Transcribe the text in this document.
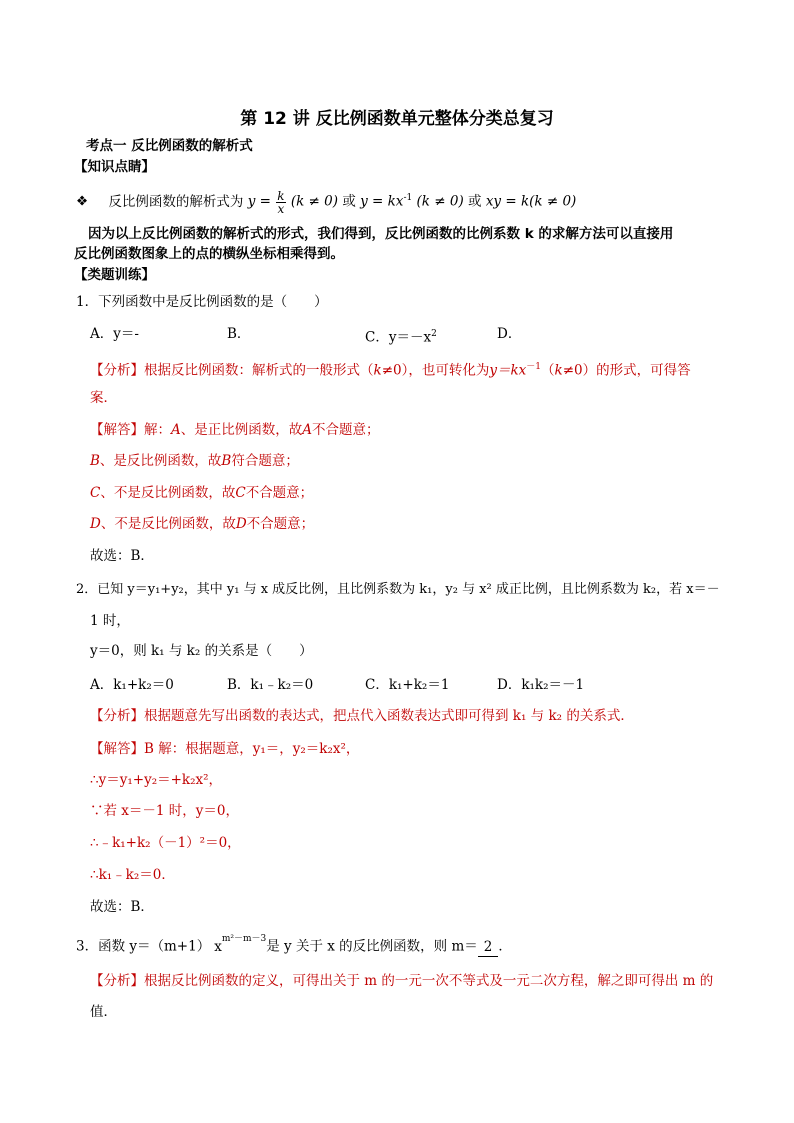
第 12 讲 反比例函数单元整体分类总复习
考点一 反比例函数的解析式
【知识点睛】
❖ 反比例函数的解析式为 $y = \frac{k}{x} (k \ne 0)$ 或 $y = kx^{-1}$ (k ≠ 0) 或 xy = k(k ≠ 0)
因为以上反比例函数的解析式的形式，我们得到，反比例函数的比例系数 k 的求解方法可以直接用
反比例函数图象上的点的横纵坐标相乘得到。
【类题训练】
1．下列函数中是反比例函数的是（　　）
A．y＝-	B．	C．$y=-x^2$	D．
【分析】根据反比例函数：解析式的一般形式（k≠0），也可转化为$y=kx^{-1}(k\ne 0)$的形式，可得答
案．
【解答】解：A、是正比例函数，故A不合题意；
B、是反比例函数，故B符合题意；
C、不是反比例函数，故C不合题意；
D、不是反比例函数，故D不合题意；
故选：B．
2．已知 y＝y₁+y₂，其中 y₁ 与 x 成反比例，且比例系数为 k₁，y₂ 与 x² 成正比例，且比例系数为 k₂，若 x＝－
1 时，
y＝0，则 k₁ 与 k₂ 的关系是（　　）
A．k₁+k₂＝0	B．k₁﹣k₂＝0	C．k₁+k₂＝1	D．k₁k₂＝－1
【分析】根据题意先写出函数的表达式，把点代入函数表达式即可得到 k₁ 与 k₂ 的关系式．
【解答】B 解：根据题意，y₁＝，y₂＝k₂x²，
∴y＝y₁+y₂＝+k₂x²，
∵若 x＝－1 时，y＝0，
∴﹣k₁+k₂（－1）²＝0，
∴k₁﹣k₂＝0．
故选：B．
3．函数 y＝（m+1） $x^{m^2-m-3}$是 y 关于 x 的反比例函数，则 m＝ 2 ．
【分析】根据反比例函数的定义，可得出关于 m 的一元一次不等式及一元二次方程，解之即可得出 m 的
值．
